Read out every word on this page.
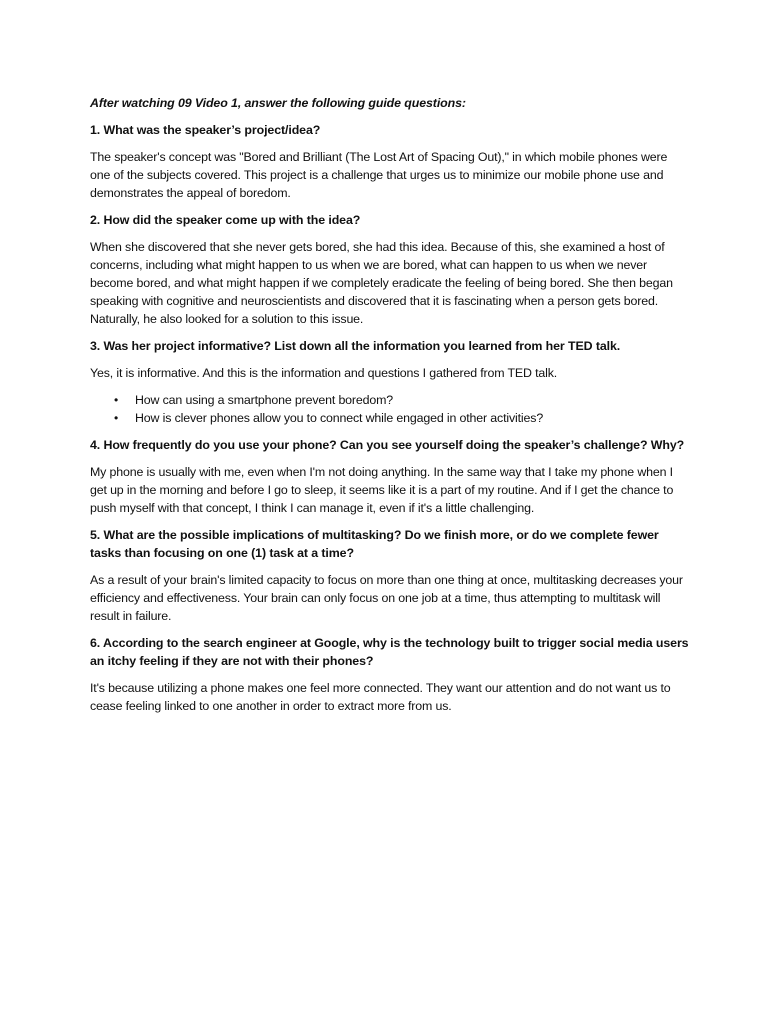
After watching 09 Video 1, answer the following guide questions:

1. What was the speaker’s project/idea?

The speaker's concept was "Bored and Brilliant (The Lost Art of Spacing Out)," in which mobile phones were one of the subjects covered. This project is a challenge that urges us to minimize our mobile phone use and demonstrates the appeal of boredom.

2. How did the speaker come up with the idea?

When she discovered that she never gets bored, she had this idea. Because of this, she examined a host of concerns, including what might happen to us when we are bored, what can happen to us when we never become bored, and what might happen if we completely eradicate the feeling of being bored. She then began speaking with cognitive and neuroscientists and discovered that it is fascinating when a person gets bored. Naturally, he also looked for a solution to this issue.

3. Was her project informative? List down all the information you learned from her TED talk.

Yes, it is informative. And this is the information and questions I gathered from TED talk.

• How can using a smartphone prevent boredom?
• How is clever phones allow you to connect while engaged in other activities?

4. How frequently do you use your phone? Can you see yourself doing the speaker’s challenge? Why?

My phone is usually with me, even when I'm not doing anything. In the same way that I take my phone when I get up in the morning and before I go to sleep, it seems like it is a part of my routine. And if I get the chance to push myself with that concept, I think I can manage it, even if it's a little challenging.

5. What are the possible implications of multitasking? Do we finish more, or do we complete fewer tasks than focusing on one (1) task at a time?

As a result of your brain's limited capacity to focus on more than one thing at once, multitasking decreases your efficiency and effectiveness. Your brain can only focus on one job at a time, thus attempting to multitask will result in failure.

6. According to the search engineer at Google, why is the technology built to trigger social media users an itchy feeling if they are not with their phones?

It's because utilizing a phone makes one feel more connected. They want our attention and do not want us to cease feeling linked to one another in order to extract more from us.
